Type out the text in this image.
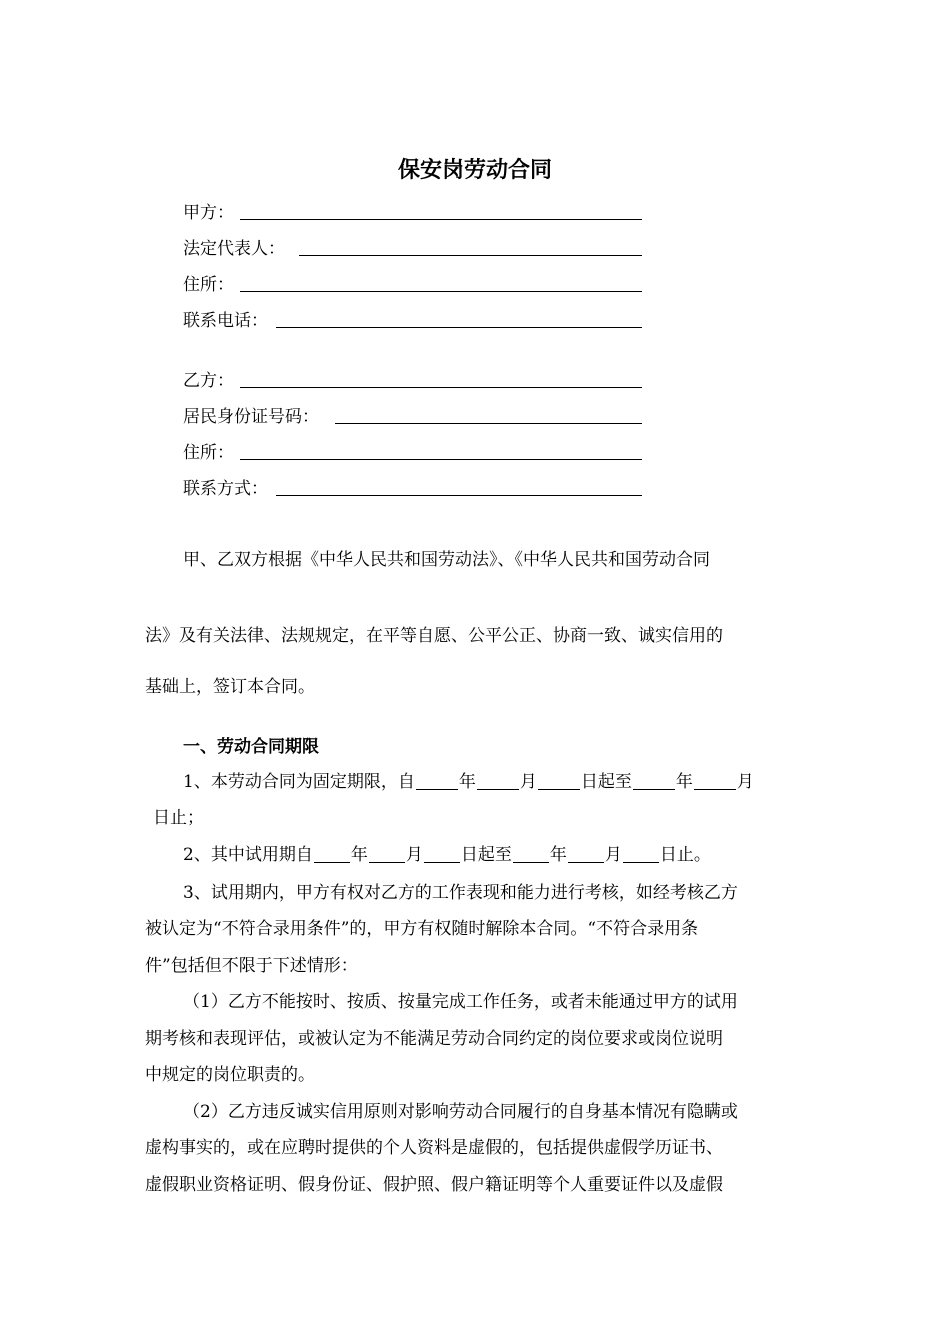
保安岗劳动合同
甲方：
法定代表人：
住所：
联系电话：
乙方：
居民身份证号码：
住所：
联系方式：
甲、乙双方根据《中华人民共和国劳动法》、《中华人民共和国劳动合同
法》及有关法律、法规规定，在平等自愿、公平公正、协商一致、诚实信用的
基础上，签订本合同。
一、劳动合同期限
1、本劳动合同为固定期限，自	年	月	日起至	年	月
日止；
2、其中试用期自 年 月 日起至 年 月 日止。
3、试用期内，甲方有权对乙方的工作表现和能力进行考核，如经考核乙方
被认定为“不符合录用条件”的，甲方有权随时解除本合同。“不符合录用条
件”包括但不限于下述情形：
（1）乙方不能按时、按质、按量完成工作任务，或者未能通过甲方的试用
期考核和表现评估，或被认定为不能满足劳动合同约定的岗位要求或岗位说明
中规定的岗位职责的。
（2）乙方违反诚实信用原则对影响劳动合同履行的自身基本情况有隐瞒或
虚构事实的，或在应聘时提供的个人资料是虚假的，包括提供虚假学历证书、
虚假职业资格证明、假身份证、假护照、假户籍证明等个人重要证件以及虚假
